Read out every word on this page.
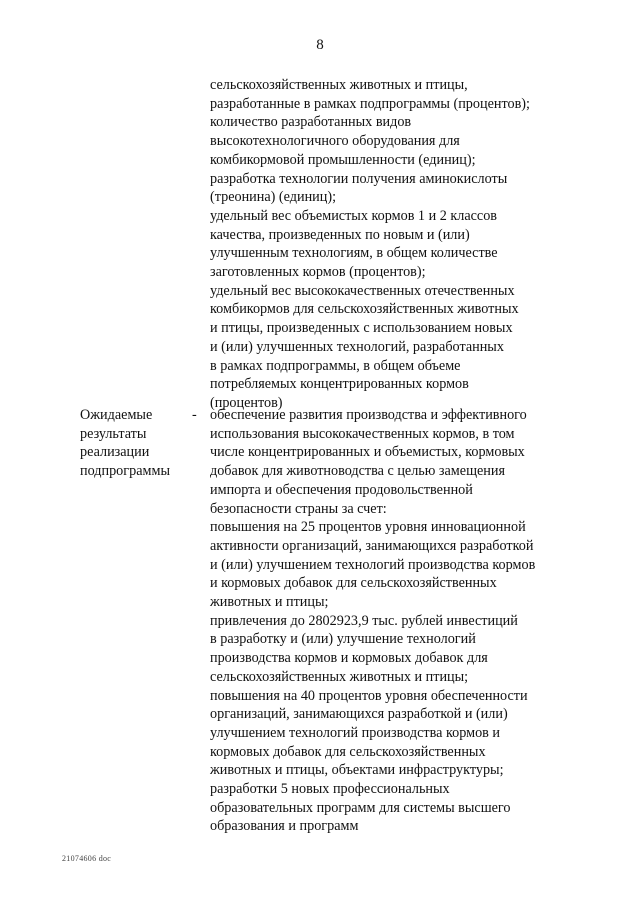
8
сельскохозяйственных животных и птицы,
разработанные в рамках подпрограммы (процентов);
количество разработанных видов
высокотехнологичного оборудования для
комбикормовой промышленности (единиц);
разработка технологии получения аминокислоты
(треонина) (единиц);
удельный вес объемистых кормов 1 и 2 классов
качества, произведенных по новым и (или)
улучшенным технологиям, в общем количестве
заготовленных кормов (процентов);
удельный вес высококачественных отечественных
комбикормов для сельскохозяйственных животных
и птицы, произведенных с использованием новых
и (или) улучшенных технологий, разработанных
в рамках подпрограммы, в общем объеме
потребляемых концентрированных кормов
(процентов)
Ожидаемые
результаты
реализации
подпрограммы
- обеспечение развития производства и эффективного
использования высококачественных кормов, в том
числе концентрированных и объемистых, кормовых
добавок для животноводства с целью замещения
импорта и обеспечения продовольственной
безопасности страны за счет:
повышения на 25 процентов уровня инновационной
активности организаций, занимающихся разработкой
и (или) улучшением технологий производства кормов
и кормовых добавок для сельскохозяйственных
животных и птицы;
привлечения до 2802923,9 тыс. рублей инвестиций
в разработку и (или) улучшение технологий
производства кормов и кормовых добавок для
сельскохозяйственных животных и птицы;
повышения на 40 процентов уровня обеспеченности
организаций, занимающихся разработкой и (или)
улучшением технологий производства кормов и
кормовых добавок для сельскохозяйственных
животных и птицы, объектами инфраструктуры;
разработки 5 новых профессиональных
образовательных программ для системы высшего
образования и программ
21074606 doc
